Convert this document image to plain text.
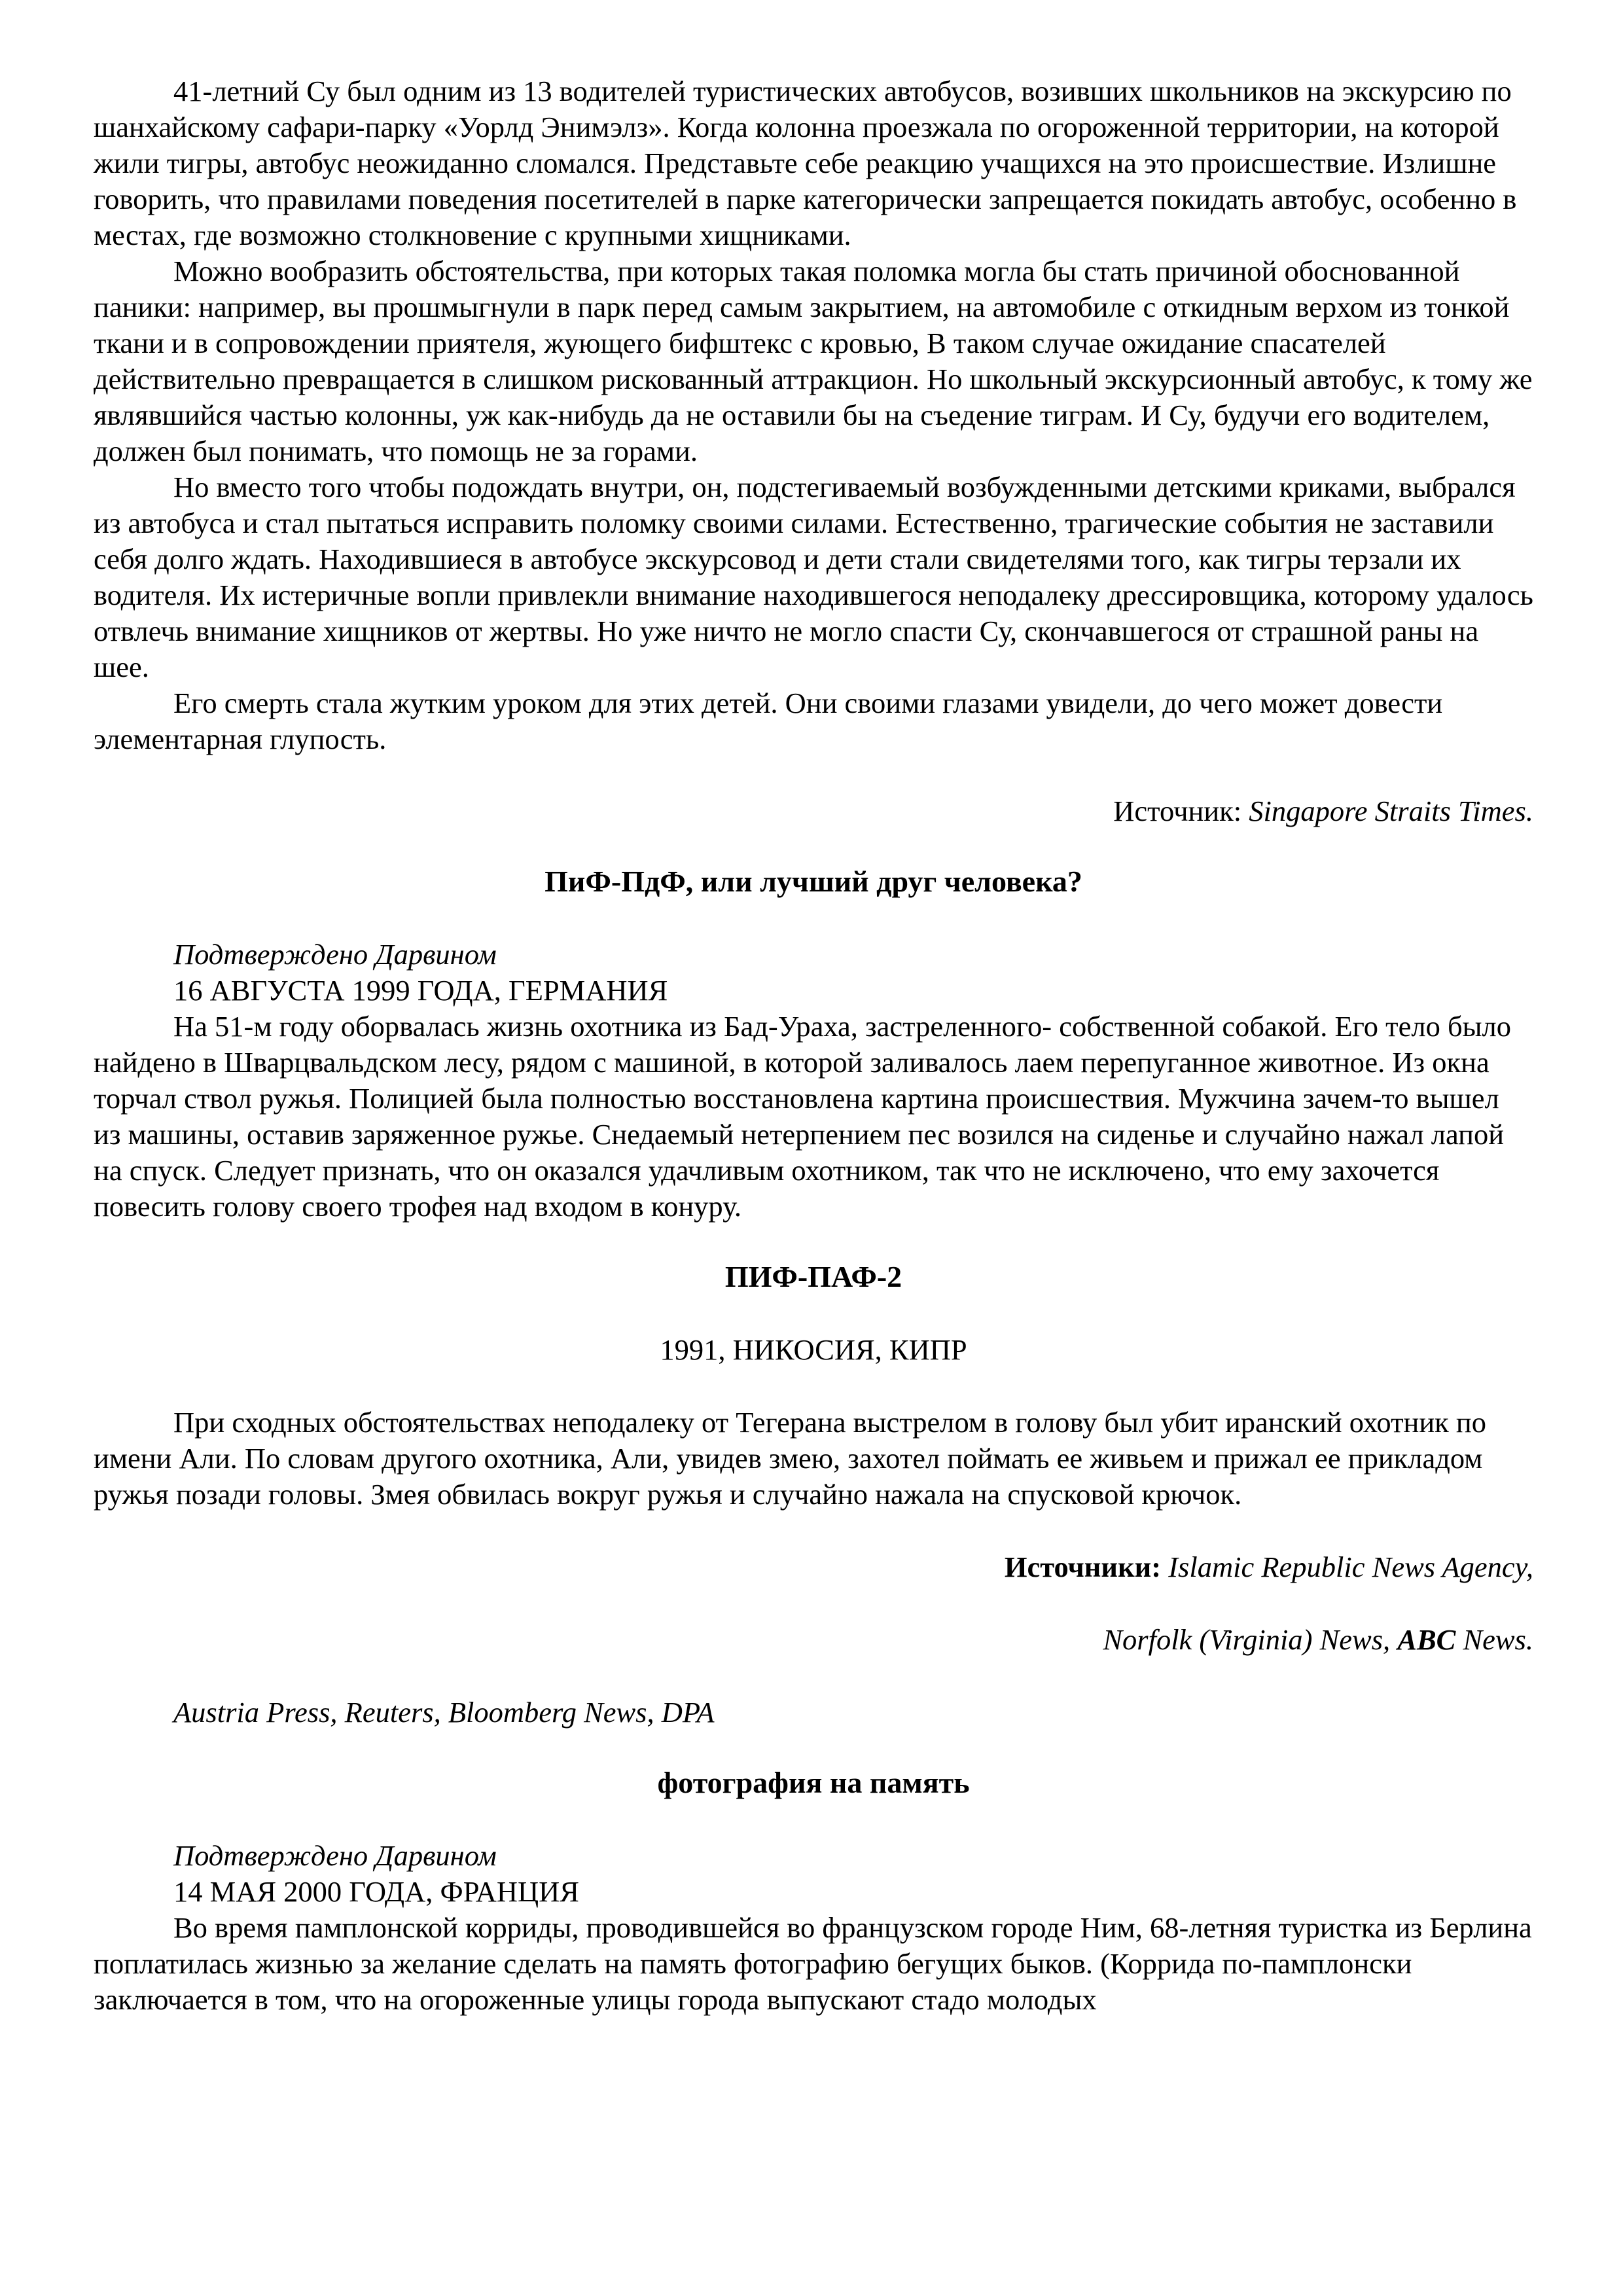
41-летний Су был одним из 13 водителей туристических автобусов, возивших школьников на экскурсию по шанхайскому сафари-парку «Уорлд Энимэлз». Когда колонна проезжала по огороженной территории, на которой жили тигры, автобус неожиданно сломался. Представьте себе реакцию учащихся на это происшествие. Излишне говорить, что правилами поведения посетителей в парке категорически запрещается покидать автобус, особенно в местах, где возможно столкновение с крупными хищниками.

Можно вообразить обстоятельства, при которых такая поломка могла бы стать причиной обоснованной паники: например, вы прошмыгнули в парк перед самым закрытием, на автомобиле с откидным верхом из тонкой ткани и в сопровождении приятеля, жующего бифштекс с кровью, В таком случае ожидание спасателей действительно превращается в слишком рискованный аттракцион. Но школьный экскурсионный автобус, к тому же являвшийся частью колонны, уж как-нибудь да не оставили бы на съедение тиграм. И Су, будучи его водителем, должен был понимать, что помощь не за горами.

Но вместо того чтобы подождать внутри, он, подстегиваемый возбужденными детскими криками, выбрался из автобуса и стал пытаться исправить поломку своими силами. Естественно, трагические события не заставили себя долго ждать. Находившиеся в автобусе экскурсовод и дети стали свидетелями того, как тигры терзали их водителя. Их истеричные вопли привлекли внимание находившегося неподалеку дрессировщика, которому удалось отвлечь внимание хищников от жертвы. Но уже ничто не могло спасти Су, скончавшегося от страшной раны на шее.

Его смерть стала жутким уроком для этих детей. Они своими глазами увидели, до чего может довести элементарная глупость.

Источник: Singapore Straits Times.

ПиФ-ПдФ, или лучший друг человека?

Подтверждено Дарвином

16 АВГУСТА 1999 ГОДА, ГЕРМАНИЯ

На 51-м году оборвалась жизнь охотника из Бад-Ураха, застреленного- собственной собакой. Его тело было найдено в Шварцвальдском лесу, рядом с машиной, в которой заливалось лаем перепуганное животное. Из окна торчал ствол ружья. Полицией была полностью восстановлена картина происшествия. Мужчина зачем-то вышел из машины, оставив заряженное ружье. Снедаемый нетерпением пес возился на сиденье и случайно нажал лапой на спуск. Следует признать, что он оказался удачливым охотником, так что не исключено, что ему захочется повесить голову своего трофея над входом в конуру.

ПИФ-ПАФ-2

1991, НИКОСИЯ, КИПР

При сходных обстоятельствах неподалеку от Тегерана выстрелом в голову был убит иранский охотник по имени Али. По словам другого охотника, Али, увидев змею, захотел поймать ее живьем и прижал ее прикладом ружья позади головы. Змея обвилась вокруг ружья и случайно нажала на спусковой крючок.

Источники: Islamic Republic News Agency,

Norfolk (Virginia) News, ABC News.

Austria Press, Reuters, Bloomberg News, DPA

фотография на память

Подтверждено Дарвином

14 МАЯ 2000 ГОДА, ФРАНЦИЯ

Во время памплонской корриды, проводившейся во французском городе Ним, 68-летняя туристка из Берлина поплатилась жизнью за желание сделать на память фотографию бегущих быков. (Коррида по-памплонски заключается в том, что на огороженные улицы города выпускают стадо молодых
